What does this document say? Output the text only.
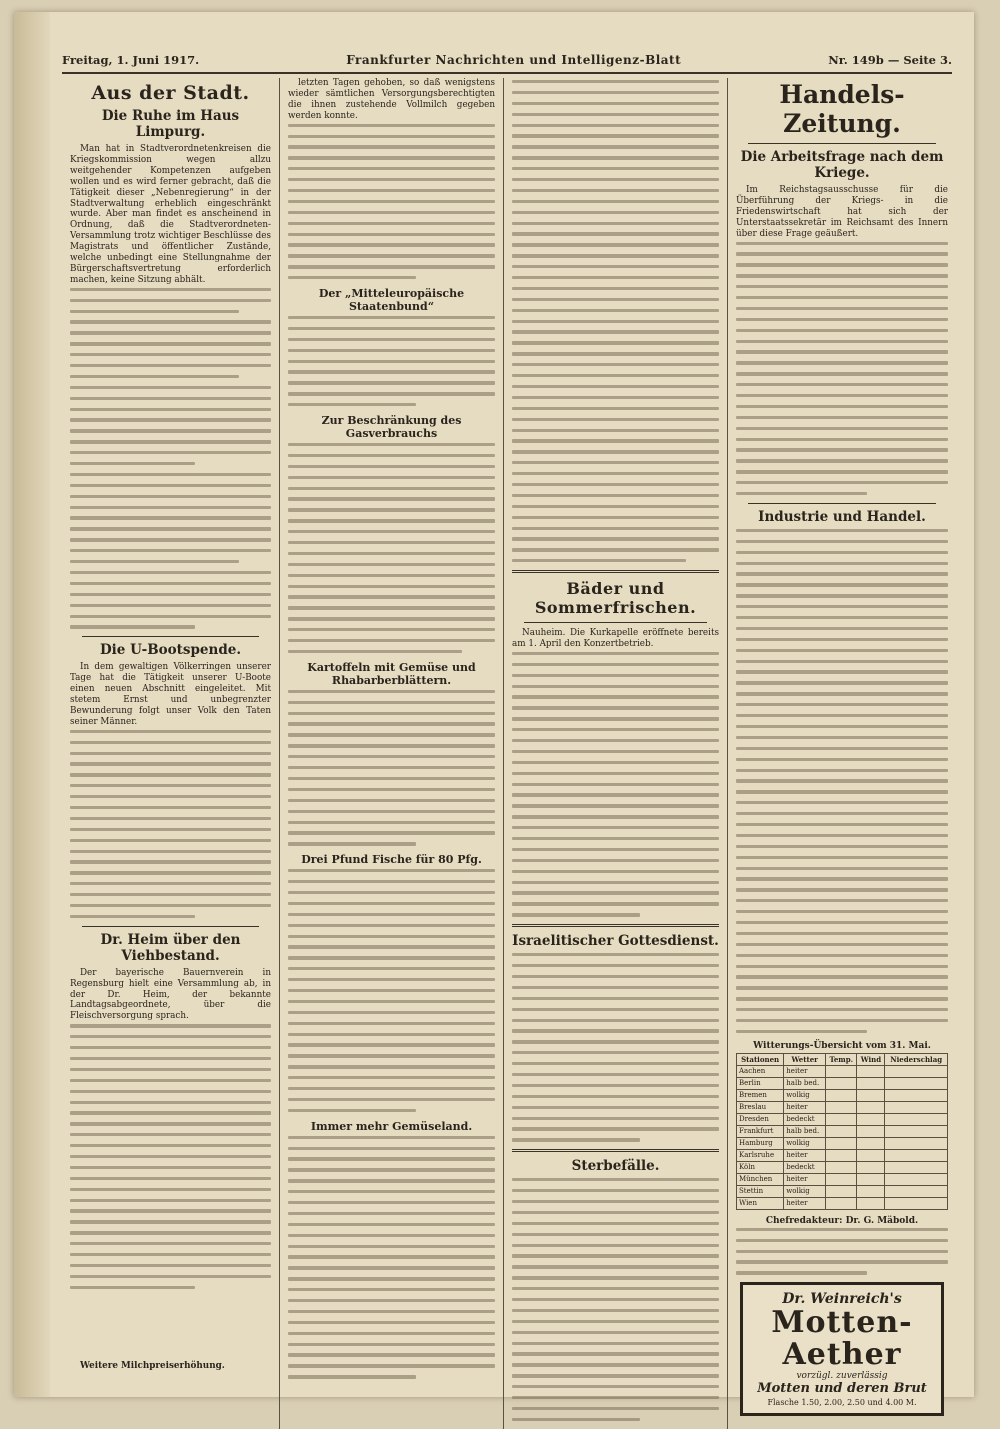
Freitag, 1. Juni 1917.	Frankfurter Nachrichten und Intelligenz-Blatt	Nr. 149b — Seite 3.
Aus der Stadt.
Die Ruhe im Haus Limpurg.

Man hat in Stadtverordnetenkreisen die Kriegskommission wegen allzu weitgehender Kompetenzen aufgeben wollen und es wird ferner gebracht, daß die Tätigkeit dieser „Nebenregierung“ in der Stadtverwaltung erheblich eingeschränkt wurde. Aber man findet es anscheinend in Ordnung, daß die Stadtverordneten-Versammlung trotz wichtiger Beschlüsse des Magistrats und öffentlicher Zustände, welche unbedingt eine Stellungnahme der Bürgerschaftsvertretung erforderlich machen, keine Sitzung abhält.

Die U-Bootspende.

In dem gewaltigen Völkerringen unserer Tage hat die Tätigkeit unserer U-Boote einen neuen Abschnitt eingeleitet. Mit stetem Ernst und unbegrenzter Bewunderung folgt unser Volk den Taten seiner Männer.

Dr. Heim über den Viehbestand.

Der bayerische Bauernverein in Regensburg hielt eine Versammlung ab, in der Dr. Heim, der bekannte Landtagsabgeordnete, über die Fleischversorgung sprach.

letzten Tagen gehoben, so daß wenigstens wieder sämtlichen Versorgungsberechtigten die ihnen zustehende Vollmilch gegeben werden konnte.

Der „Mitteleuropäische Staatenbund“
Zur Beschränkung des Gasverbrauchs
Kartoffeln mit Gemüse und Rhabarberblättern.
Drei Pfund Fische für 80 Pfg.
Immer mehr Gemüseland.
Bäder und Sommerfrischen.

Nauheim. Die Kurkapelle eröffnete bereits am 1. April den Konzertbetrieb.

Israelitischer Gottesdienst.
Sterbefälle.
Handels-Zeitung.
Die Arbeitsfrage nach dem Kriege.

Im Reichstagsausschusse für die Überführung der Kriegs- in die Friedenswirtschaft hat sich der Unterstaatssekretär im Reichsamt des Innern über diese Frage geäußert.

Industrie und Handel.
Witterungs-Übersicht vom 31. Mai.
Stationen	Wetter	Temp.	Wind	Niederschlag
Aachen	heiter			
Berlin	halb bed.			
Bremen	wolkig			
Breslau	heiter			
Dresden	bedeckt			
Frankfurt	halb bed.			
Hamburg	wolkig			
Karlsruhe	heiter			
Köln	bedeckt			
München	heiter			
Stettin	wolkig			
Wien	heiter			
Chefredakteur: Dr. G. Mäbold.
Dr. Weinreich's
Motten-Aether
vorzügl. zuverlässig
Motten und deren Brut
Flasche 1.50, 2.00, 2.50 und 4.00 M.
Weitere Milchpreiserhöhung.
